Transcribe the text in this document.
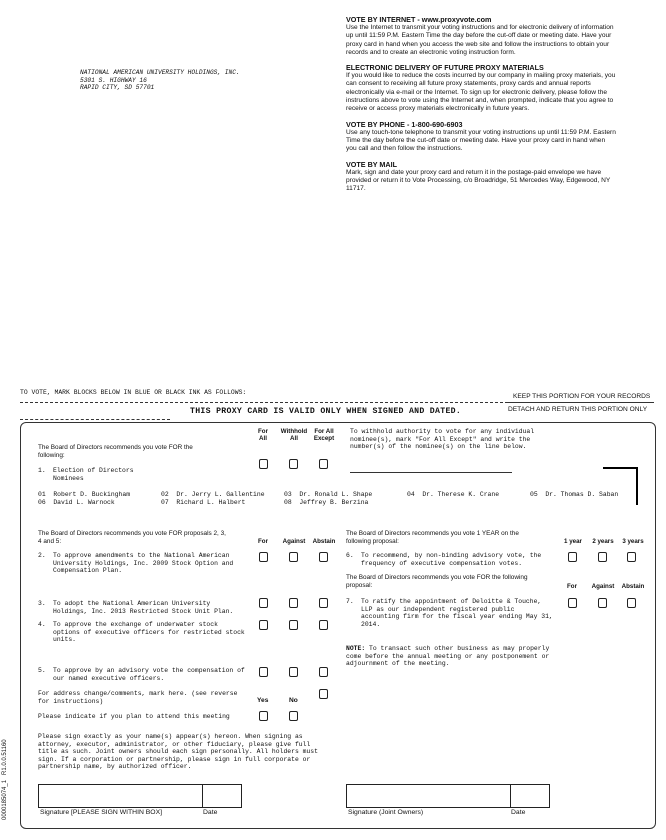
VOTE BY INTERNET - www.proxyvote.com

Use the Internet to transmit your voting instructions and for electronic delivery of information up until 11:59 P.M. Eastern Time the day before the cut-off date or meeting date. Have your proxy card in hand when you access the web site and follow the instructions to obtain your records and to create an electronic voting instruction form.

ELECTRONIC DELIVERY OF FUTURE PROXY MATERIALS

If you would like to reduce the costs incurred by our company in mailing proxy materials, you can consent to receiving all future proxy statements, proxy cards and annual reports electronically via e-mail or the Internet. To sign up for electronic delivery, please follow the instructions above to vote using the Internet and, when prompted, indicate that you agree to receive or access proxy materials electronically in future years.

VOTE BY PHONE - 1-800-690-6903

Use any touch-tone telephone to transmit your voting instructions up until 11:59 P.M. Eastern Time the day before the cut-off date or meeting date. Have your proxy card in hand when you call and then follow the instructions.

VOTE BY MAIL

Mark, sign and date your proxy card and return it in the postage-paid envelope we have provided or return it to Vote Processing, c/o Broadridge, 51 Mercedes Way, Edgewood, NY 11717.

NATIONAL AMERICAN UNIVERSITY HOLDINGS, INC.
5301 S. HIGHWAY 16
RAPID CITY, SD 57701
TO VOTE, MARK BLOCKS BELOW IN BLUE OR BLACK INK AS FOLLOWS:
THIS PROXY CARD IS VALID ONLY WHEN SIGNED AND DATED.
KEEP THIS PORTION FOR YOUR RECORDS
DETACH AND RETURN THIS PORTION ONLY
0000185074_1   R1.0.0.51160
The Board of Directors recommends you vote FOR the following:
For All
Withhold All
For All Except
To withhold authority to vote for any individual nominee(s), mark "For All Except" and write the number(s) of the nominee(s) on the line below.
1. Election of Directors
Nominees
01  Robert D. Buckingham	02  Dr. Jerry L. Gallentine	03  Dr. Ronald L. Shape	04  Dr. Therese K. Crane	05  Dr. Thomas D. Saban
06  David L. Warnock	07  Richard L. Halbert	08  Jeffrey B. Berzina
The Board of Directors recommends you vote FOR proposals 2, 3, 4 and 5:	For	Against	Abstain
2. To approve amendments to the National American University Holdings, Inc. 2009 Stock Option and Compensation Plan.
3. To adopt the National American University Holdings, Inc. 2013 Restricted Stock Unit Plan.
4. To approve the exchange of underwater stock options of executive officers for restricted stock units.
5. To approve by an advisory vote the compensation of our named executive officers.
The Board of Directors recommends you vote 1 YEAR on the following proposal:	1 year	2 years	3 years
6. To recommend, by non-binding advisory vote, the frequency of executive compensation votes.
The Board of Directors recommends you vote FOR the following proposal:	For	Against	Abstain
7. To ratify the appointment of Deloitte & Touche, LLP as our independent registered public accounting firm for the fiscal year ending May 31, 2014.
NOTE: To transact such other business as may properly come before the annual meeting or any postponement or adjournment of the meeting.
For address change/comments, mark here. (see reverse for instructions)	Yes	No
Please indicate if you plan to attend this meeting
Please sign exactly as your name(s) appear(s) hereon. When signing as attorney, executor, administrator, or other fiduciary, please give full title as such. Joint owners should each sign personally. All holders must sign. If a corporation or partnership, please sign in full corporate or partnership name, by authorized officer.
Signature [PLEASE SIGN WITHIN BOX]	Date	Signature (Joint Owners)	Date
